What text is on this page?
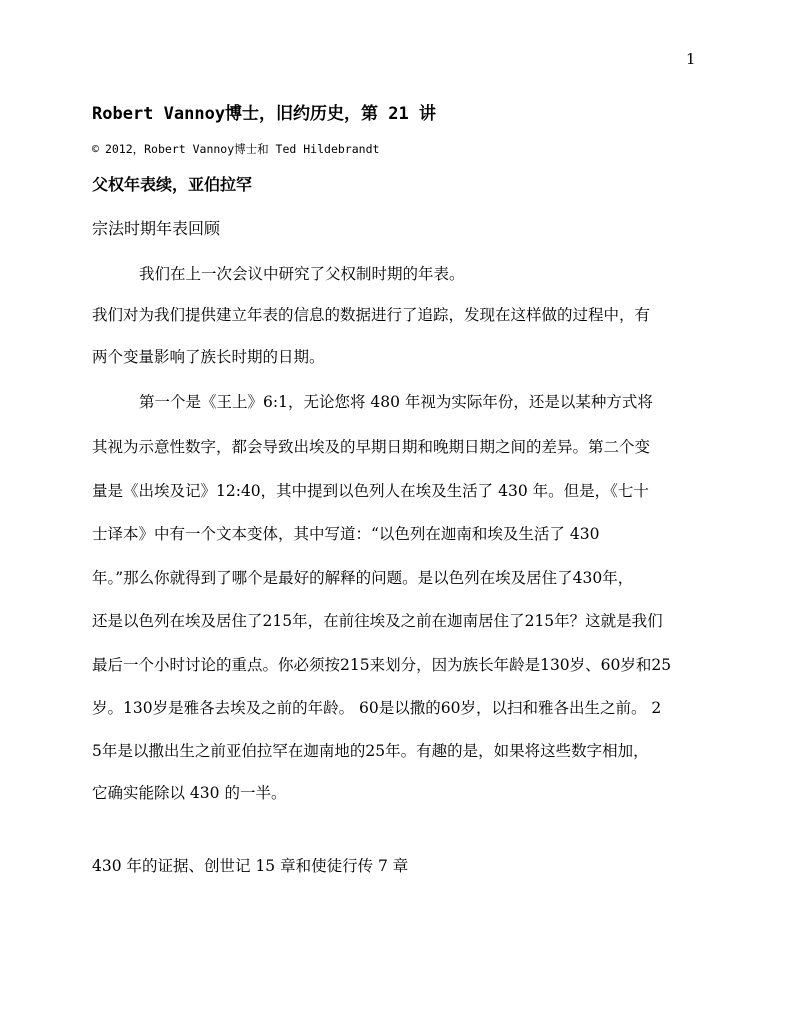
1
Robert Vannoy博士，旧约历史，第 21 讲
© 2012，Robert Vannoy博士和 Ted Hildebrandt
父权年表续，亚伯拉罕
宗法时期年表回顾
我们在上一次会议中研究了父权制时期的年表。
我们对为我们提供建立年表的信息的数据进行了追踪，发现在这样做的过程中，有
两个变量影响了族长时期的日期。
第一个是《王上》6:1，无论您将 480 年视为实际年份，还是以某种方式将
其视为示意性数字，都会导致出埃及的早期日期和晚期日期之间的差异。第二个变
量是《出埃及记》12:40，其中提到以色列人在埃及生活了 430 年。但是，《七十
士译本》中有一个文本变体，其中写道：“以色列在迦南和埃及生活了 430
年。”那么你就得到了哪个是最好的解释的问题。是以色列在埃及居住了430年，
还是以色列在埃及居住了215年，在前往埃及之前在迦南居住了215年？这就是我们
最后一个小时讨论的重点。你必须按215来划分，因为族长年龄是130岁、60岁和25
岁。130岁是雅各去埃及之前的年龄。 60是以撒的60岁，以扫和雅各出生之前。 2
5年是以撒出生之前亚伯拉罕在迦南地的25年。有趣的是，如果将这些数字相加，
它确实能除以 430 的一半。
430 年的证据、创世记 15 章和使徒行传 7 章
